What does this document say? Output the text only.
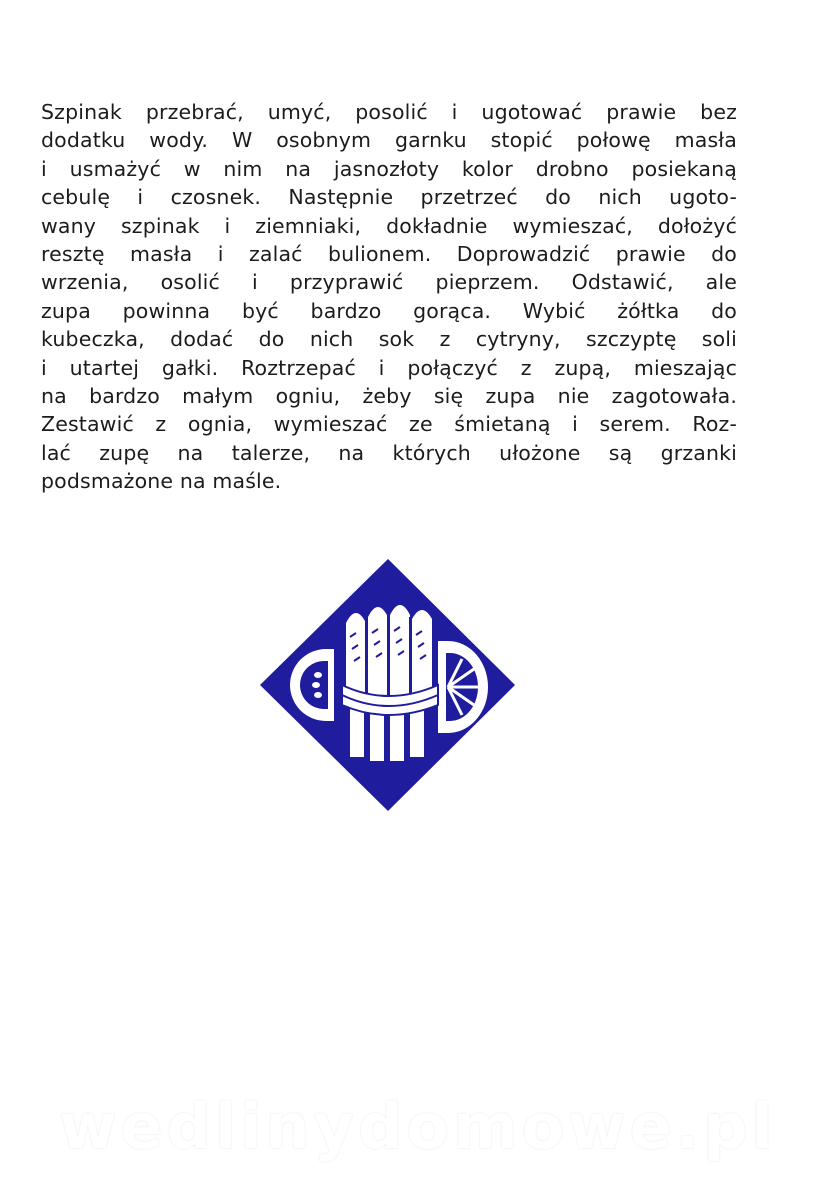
Szpinak przebrać, umyć, posolić i ugotować prawie bez
dodatku wody. W osobnym garnku stopić połowę masła
i usmażyć w nim na jasnozłoty kolor drobno posiekaną
cebulę i czosnek. Następnie przetrzeć do nich ugoto-
wany szpinak i ziemniaki, dokładnie wymieszać, dołożyć
resztę masła i zalać bulionem. Doprowadzić prawie do
wrzenia, osolić i przyprawić pieprzem. Odstawić, ale
zupa powinna być bardzo gorąca. Wybić żółtka do
kubeczka, dodać do nich sok z cytryny, szczyptę soli
i utartej gałki. Roztrzepać i połączyć z zupą, mieszając
na bardzo małym ogniu, żeby się zupa nie zagotowała.
Zestawić z ognia, wymieszać ze śmietaną i serem. Roz-
lać zupę na talerze, na których ułożone są grzanki
podsmażone na maśle.
wedlinydomowe.pl
